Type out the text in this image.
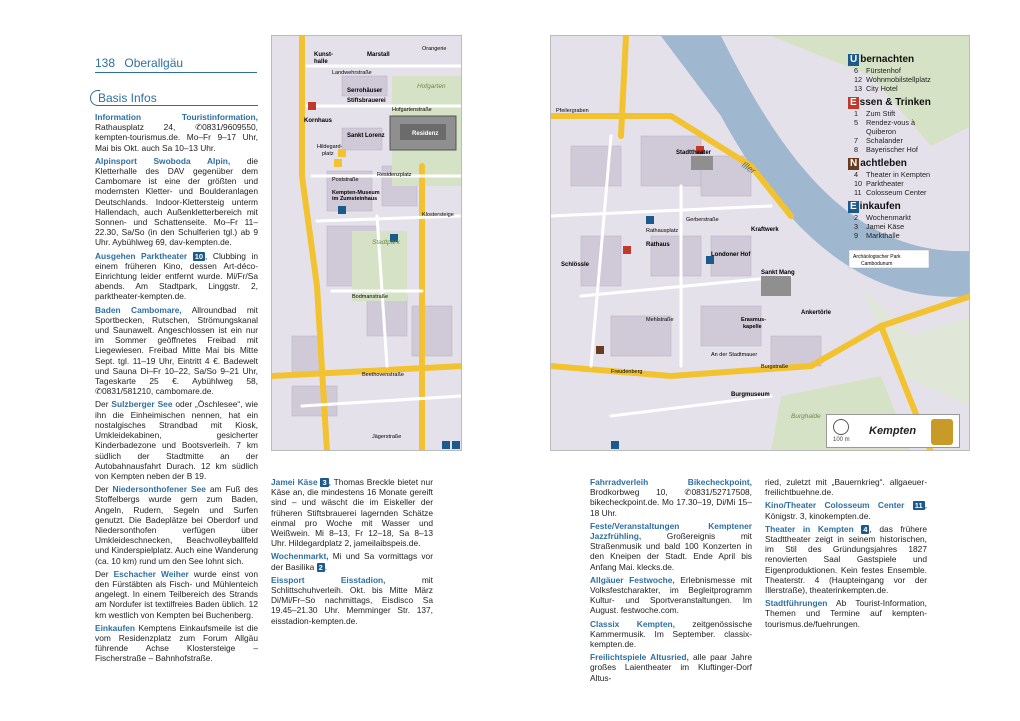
138 Oberallgäu
Basis Infos

Information	Touristinformation, Rathausplatz 24, ✆0831/9609550, kempten-tourismus.de. Mo–Fr 9–17 Uhr, Mai bis Okt. auch Sa 10–13 Uhr.

Alpinsport Swoboda Alpin, die Kletterhalle des DAV gegenüber dem Cambomare ist eine der größten und modernsten Kletter- und Boulderanlagen Deutschlands. Indoor-Klettersteig unterm Hallendach, auch Außenkletterbereich mit Sonnen- und Schattenseite. Mo–Fr 11–22.30, Sa/So (in den Schulferien tgl.) ab 9 Uhr. Aybühlweg 69, dav-kempten.de.

Ausgehen Parktheater 10 , Clubbing in einem früheren Kino, dessen Art-déco-Einrichtung leider entfernt wurde. Mi/Fr/Sa abends. Am Stadtpark, Linggstr. 2, parktheater-kempten.de.

Baden Cambomare, Allroundbad mit Sportbecken, Rutschen, Strömungskanal und Saunawelt. Angeschlossen ist ein nur im Sommer geöffnetes Freibad mit Liegewiesen. Freibad Mitte Mai bis Mitte Sept. tgl. 11–19 Uhr, Eintritt 4 €. Badewelt und Sauna Di–Fr 10–22, Sa/So 9–21 Uhr, Tageskarte 25 €. Aybühlweg 58, ✆0831/581210, cambomare.de.

Der Sulzberger See oder „Öschlesee“, wie ihn die Einheimischen nennen, hat ein nostalgisches Strandbad mit Kiosk, Umkleidekabinen, gesicherter Kinderbadezone und Bootsverleih. 7 km südlich der Stadtmitte an der Autobahnausfahrt Durach. 12 km südlich von Kempten neben der B 19.

Der Niedersonthofener See am Fuß des Stoffelbergs wurde gern zum Baden, Angeln, Rudern, Segeln und Surfen genutzt. Die Badeplätze bei Oberdorf und Niedersonthofen verfügen über Umkleideschnecken, Beachvolleyballfeld und Kinderspielplatz. Auch eine Wanderung (ca. 10 km) rund um den See lohnt sich.

Der Eschacher Weiher wurde einst von den Fürstäbten als Fisch- und Mühlenteich angelegt. In einem Teilbereich des Strands am Nordufer ist textilfreies Baden üblich. 12 km westlich von Kempten bei Buchenberg.

Einkaufen Kemptens Einkaufsmeile ist die vom Residenzplatz zum Forum Allgäu führende Achse Klostersteige – Fischerstraße – Bahnhofstraße.

Jamei Käse 3 , Thomas Breckle bietet nur Käse an, die mindestens 16 Monate gereift sind – und wäscht die im Eiskeller der früheren Stiftsbrauerei lagernden Schätze einmal pro Woche mit Wasser und Weißwein. Mi 8–13, Fr 12–18, Sa 8–13 Uhr. Hildegardplatz 2, jameilaibspeis.de.

Wochenmarkt, Mi und Sa vormittags vor der Basilika 2 .

Eissport	Eisstadion, mit Schlittschuhverleih. Okt. bis Mitte März Di/Mi/Fr–So nachmittags, Eisdisco Sa 19.45–21.30 Uhr. Memminger Str. 137, eisstadion-kempten.de.

Kunst-
halle
Marstall
Orangerie
Landwehrstraße
Serrohäuser
Hofgarten
Stiftsbrauerei
Hofgartenstraße
Kornhaus
Sankt Lorenz	Residenz
Hildegard-
platz
Residenzplatz
Poststraße
Kempten-Museum
im Zumsteinhaus
Stadtpark
Bodmanstraße
Beethovenstraße
Jägerstraße
Klostersteige

Fahrradverleih	Bikecheckpoint, Brodkorbweg 10, ✆0831/52717508, bikecheckpoint.de. Mo 17.30–19, Di/Mi 15–18 Uhr.

Feste/Veranstaltungen	Kemptener Jazzfrühling, Großereignis mit Straßenmusik und bald 100 Konzerten in den Kneipen der Stadt. Ende April bis Anfang Mai. klecks.de.

Allgäuer Festwoche, Erlebnismesse mit Volksfestcharakter, im Begleitprogramm Kultur- und Sportveranstaltungen. Im August. festwoche.com.

Classix Kempten, zeitgenössische Kammermusik. Im September. classix-kempten.de.

Freilichtspiele Altusried, alle paar Jahre großes Laientheater im Kluftinger-Dorf Altus-

ried, zuletzt mit „Bauernkrieg“. allgaeuer-freilichtbuehne.de.

Kino/Theater Colosseum Center 11 , Königstr. 3, kinokempten.de.

Theater in Kempten 4 , das frühere Stadttheater zeigt in seinem historischen, im Stil des Gründungsjahres 1827 renovierten Saal Gastspiele und Eigenproduktionen. Kein festes Ensemble. Theaterstr. 4 (Haupteingang vor der Illerstraße), theaterinkempten.de.

Stadtführungen Ab Tourist-Information, Themen und Termine auf kempten-tourismus.de/fuehrungen.

Pfeilergraben
Iller
Stadttheater
Rathaus
Rathausplatz
Schlössle
Londoner Hof
Kraftwerk
Sankt Mang
Erasmus-
kapelle
Ankertörle
An der Stadtmauer
Freudenberg
Burgstraße
Burgmuseum
Burghalde
Mehlstraße
Gerberstraße
Archäologischer Park
Cambodunum
Ü bernachten
6 Fürstenhof
12 Wohnmobilstellplatz
13 City Hotel
E ssen & Trinken
1 Zum Stift
5 Rendez-vous à
Quiberon
7 Schalander
8 Bayerischer Hof
N achtleben
4 Theater in Kempten
10 Parktheater
11 Colosseum Center
E inkaufen
2 Wochenmarkt
3 Jamei Käse
9 Markthalle
Kempten
100 m
